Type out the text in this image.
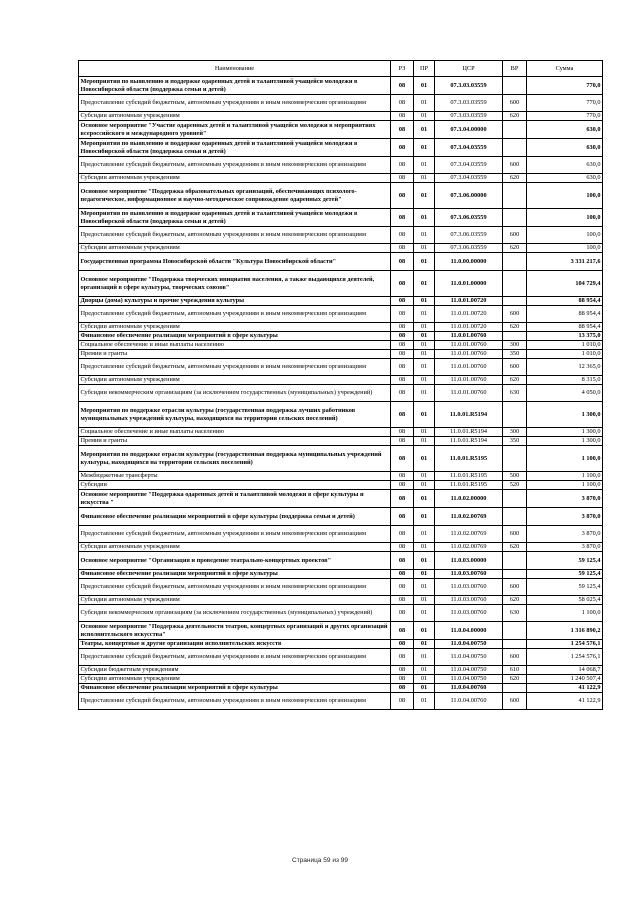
Наименование	РЗ	ПР	ЦСР	ВР	Сумма
Мероприятия по выявлению и поддержке одаренных детей и талантливой учащейся молодежи в Новосибирской области (поддержка семьи и детей)	08	01	07.3.03.03559		770,0
Предоставление субсидий бюджетным, автономным учреждениям и иным некоммерческим организациям	08	01	07.3.03.03559	600	770,0
Субсидии автономным учреждениям	08	01	07.3.03.03559	620	770,0
Основное мероприятие "Участие одаренных детей и талантливой учащейся молодежи в мероприятиях всероссийского и международного уровней"	08	01	07.3.04.00000		630,0
Мероприятия по выявлению и поддержке одаренных детей и талантливой учащейся молодежи в Новосибирской области (поддержка семьи и детей)	08	01	07.3.04.03559		630,0
Предоставление субсидий бюджетным, автономным учреждениям и иным некоммерческим организациям	08	01	07.3.04.03559	600	630,0
Субсидии автономным учреждениям	08	01	07.3.04.03559	620	630,0
Основное мероприятие "Поддержка образовательных организаций, обеспечивающих психолого-педагогическое, информационное и научно-методическое сопровождение одаренных детей"	08	01	07.3.06.00000		100,0
Мероприятия по выявлению и поддержке одаренных детей и талантливой учащейся молодежи в Новосибирской области (поддержка семьи и детей)	08	01	07.3.06.03559		100,0
Предоставление субсидий бюджетным, автономным учреждениям и иным некоммерческим организациям	08	01	07.3.06.03559	600	100,0
Субсидии автономным учреждениям	08	01	07.3.06.03559	620	100,0
Государственная программа Новосибирской области "Культура Новосибирской области"	08	01	11.0.00.00000		3 331 217,6
Основное мероприятие "Поддержка творческих инициатив населения, а также выдающихся деятелей, организаций в сфере культуры, творческих союзов"	08	01	11.0.01.00000		104 729,4
Дворцы (дома) культуры и прочие учреждения культуры	08	01	11.0.01.00720		88 954,4
Предоставление субсидий бюджетным, автономным учреждениям и иным некоммерческим организациям	08	01	11.0.01.00720	600	88 954,4
Субсидии автономным учреждениям	08	01	11.0.01.00720	620	88 954,4
Финансовое обеспечение реализации мероприятий в сфере культуры	08	01	11.0.01.00760		13 375,0
Социальное обеспечение и иные выплаты населению	08	01	11.0.01.00760	300	1 010,0
Премии и гранты	08	01	11.0.01.00760	350	1 010,0
Предоставление субсидий бюджетным, автономным учреждениям и иным некоммерческим организациям	08	01	11.0.01.00760	600	12 365,0
Субсидии автономным учреждениям	08	01	11.0.01.00760	620	8 315,0
Субсидии некоммерческим организациям (за исключением государственных (муниципальных) учреждений)	08	01	11.0.01.00760	630	4 050,0
Мероприятия по поддержке отрасли культуры (государственная поддержка лучших работников муниципальных учреждений культуры, находящихся на территории сельских поселений)	08	01	11.0.01.R5194		1 300,0
Социальное обеспечение и иные выплаты населению	08	01	11.0.01.R5194	300	1 300,0
Премии и гранты	08	01	11.0.01.R5194	350	1 300,0
Мероприятия по поддержке отрасли культуры (государственная поддержка муниципальных учреждений культуры, находящихся на территории сельских поселений)	08	01	11.0.01.R5195		1 100,0
Межбюджетные трансферты	08	01	11.0.01.R5195	500	1 100,0
Субсидии	08	01	11.0.01.R5195	520	1 100,0
Основное мероприятие "Поддержка одаренных детей и талантливой молодежи в сфере культуры и искусства "	08	01	11.0.02.00000		3 870,0
Финансовое обеспечение реализации мероприятий в сфере культуры (поддержка семьи и детей)	08	01	11.0.02.00769		3 870,0
Предоставление субсидий бюджетным, автономным учреждениям и иным некоммерческим организациям	08	01	11.0.02.00769	600	3 870,0
Субсидии автономным учреждениям	08	01	11.0.02.00769	620	3 870,0
Основное мероприятие "Организация и проведение театрально-концертных проектов"	08	01	11.0.03.00000		59 125,4
Финансовое обеспечение реализации мероприятий в сфере культуры	08	01	11.0.03.00760		59 125,4
Предоставление субсидий бюджетным, автономным учреждениям и иным некоммерческим организациям	08	01	11.0.03.00760	600	59 125,4
Субсидии автономным учреждениям	08	01	11.0.03.00760	620	58 025,4
Субсидии некоммерческим организациям (за исключением государственных (муниципальных) учреждений)	08	01	11.0.03.00760	630	1 100,0
Основное мероприятие "Поддержка деятельности театров, концертных организаций и других организаций исполнительского искусства"	08	01	11.0.04.00000		1 316 890,2
Театры, концертные и другие организации исполнительских искусств	08	01	11.0.04.00750		1 254 576,1
Предоставление субсидий бюджетным, автономным учреждениям и иным некоммерческим организациям	08	01	11.0.04.00750	600	1 254 576,1
Субсидии бюджетным учреждениям	08	01	11.0.04.00750	610	14 068,7
Субсидии автономным учреждениям	08	01	11.0.04.00750	620	1 240 507,4
Финансовое обеспечение реализации мероприятий в сфере культуры	08	01	11.0.04.00760		41 122,9
Предоставление субсидий бюджетным, автономным учреждениям и иным некоммерческим организациям	08	01	11.0.04.00760	600	41 122,9
Страница 59 из 99
